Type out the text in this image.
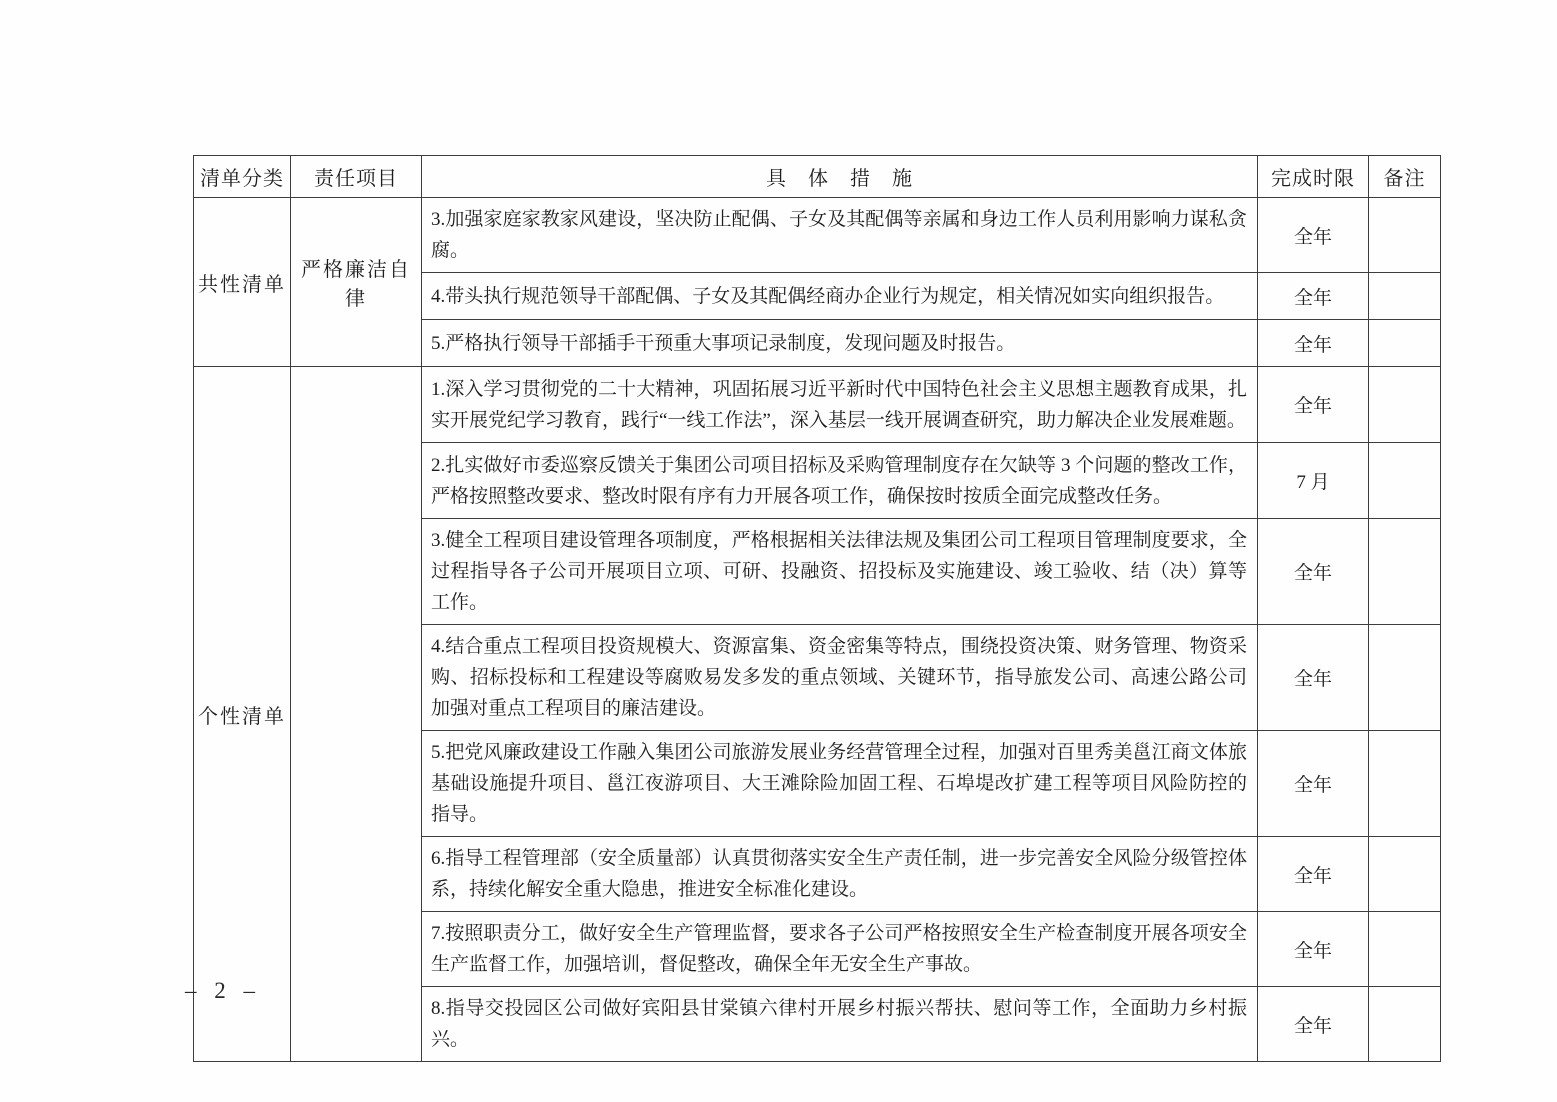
清单分类	责任项目	具　体　措　施	完成时限	备注
共性清单	严格廉洁自律	3.加强家庭家教家风建设，坚决防止配偶、子女及其配偶等亲属和身边工作人员利用影响力谋私贪腐。	全年	
		4.带头执行规范领导干部配偶、子女及其配偶经商办企业行为规定，相关情况如实向组织报告。	全年	
		5.严格执行领导干部插手干预重大事项记录制度，发现问题及时报告。	全年	
个性清单		1.深入学习贯彻党的二十大精神，巩固拓展习近平新时代中国特色社会主义思想主题教育成果，扎实开展党纪学习教育，践行“一线工作法”，深入基层一线开展调查研究，助力解决企业发展难题。	全年	
		2.扎实做好市委巡察反馈关于集团公司项目招标及采购管理制度存在欠缺等 3 个问题的整改工作，严格按照整改要求、整改时限有序有力开展各项工作，确保按时按质全面完成整改任务。	7 月	
		3.健全工程项目建设管理各项制度，严格根据相关法律法规及集团公司工程项目管理制度要求，全过程指导各子公司开展项目立项、可研、投融资、招投标及实施建设、竣工验收、结（决）算等工作。	全年	
		4.结合重点工程项目投资规模大、资源富集、资金密集等特点，围绕投资决策、财务管理、物资采购、招标投标和工程建设等腐败易发多发的重点领域、关键环节，指导旅发公司、高速公路公司加强对重点工程项目的廉洁建设。	全年	
		5.把党风廉政建设工作融入集团公司旅游发展业务经营管理全过程，加强对百里秀美邕江商文体旅基础设施提升项目、邕江夜游项目、大王滩除险加固工程、石埠堤改扩建工程等项目风险防控的指导。	全年	
		6.指导工程管理部（安全质量部）认真贯彻落实安全生产责任制，进一步完善安全风险分级管控体系，持续化解安全重大隐患，推进安全标准化建设。	全年	
		7.按照职责分工，做好安全生产管理监督，要求各子公司严格按照安全生产检查制度开展各项安全生产监督工作，加强培训，督促整改，确保全年无安全生产事故。	全年	
		8.指导交投园区公司做好宾阳县甘棠镇六律村开展乡村振兴帮扶、慰问等工作，全面助力乡村振兴。	全年	
– 2 –
